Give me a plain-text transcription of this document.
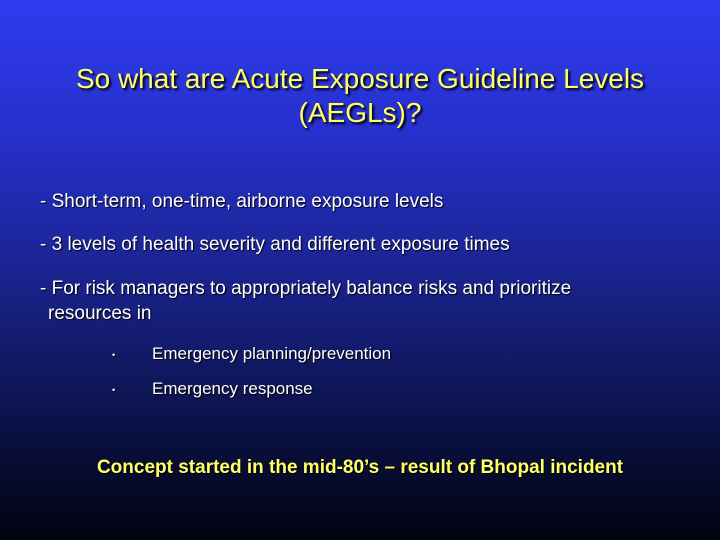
So what are Acute Exposure Guideline Levels
(AEGLs)?
- Short-term, one-time, airborne exposure levels
- 3 levels of health severity and different exposure times
- For risk managers to appropriately balance risks and prioritize
resources in
• Emergency planning/prevention
• Emergency response
Concept started in the mid-80’s – result of Bhopal incident
